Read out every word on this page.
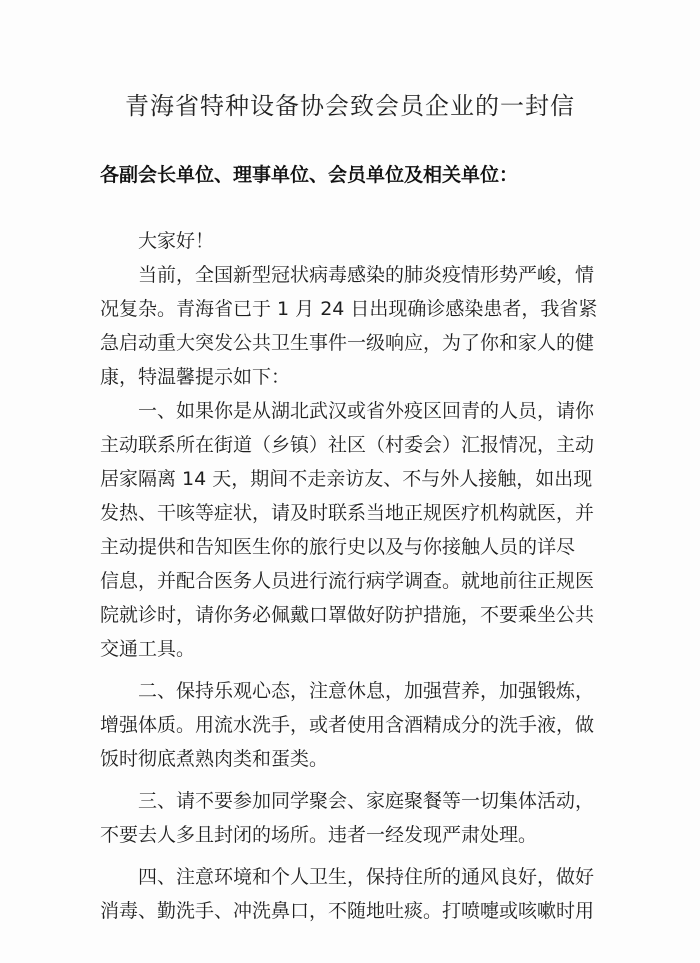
青海省特种设备协会致会员企业的一封信

各副会长单位、理事单位、会员单位及相关单位：

大家好！

当前，全国新型冠状病毒感染的肺炎疫情形势严峻，情

况复杂。青海省已于 1 月 24 日出现确诊感染患者，我省紧

急启动重大突发公共卫生事件一级响应，为了你和家人的健

康，特温馨提示如下：

一、如果你是从湖北武汉或省外疫区回青的人员，请你

主动联系所在街道（乡镇）社区（村委会）汇报情况，主动

居家隔离 14 天，期间不走亲访友、不与外人接触，如出现

发热、干咳等症状，请及时联系当地正规医疗机构就医，并

主动提供和告知医生你的旅行史以及与你接触人员的详尽

信息，并配合医务人员进行流行病学调查。就地前往正规医

院就诊时，请你务必佩戴口罩做好防护措施，不要乘坐公共

交通工具。

二、保持乐观心态，注意休息，加强营养，加强锻炼，

增强体质。用流水洗手，或者使用含酒精成分的洗手液，做

饭时彻底煮熟肉类和蛋类。

三、请不要参加同学聚会、家庭聚餐等一切集体活动，

不要去人多且封闭的场所。违者一经发现严肃处理。

四、注意环境和个人卫生，保持住所的通风良好，做好

消毒、勤洗手、冲洗鼻口，不随地吐痰。打喷嚏或咳嗽时用
